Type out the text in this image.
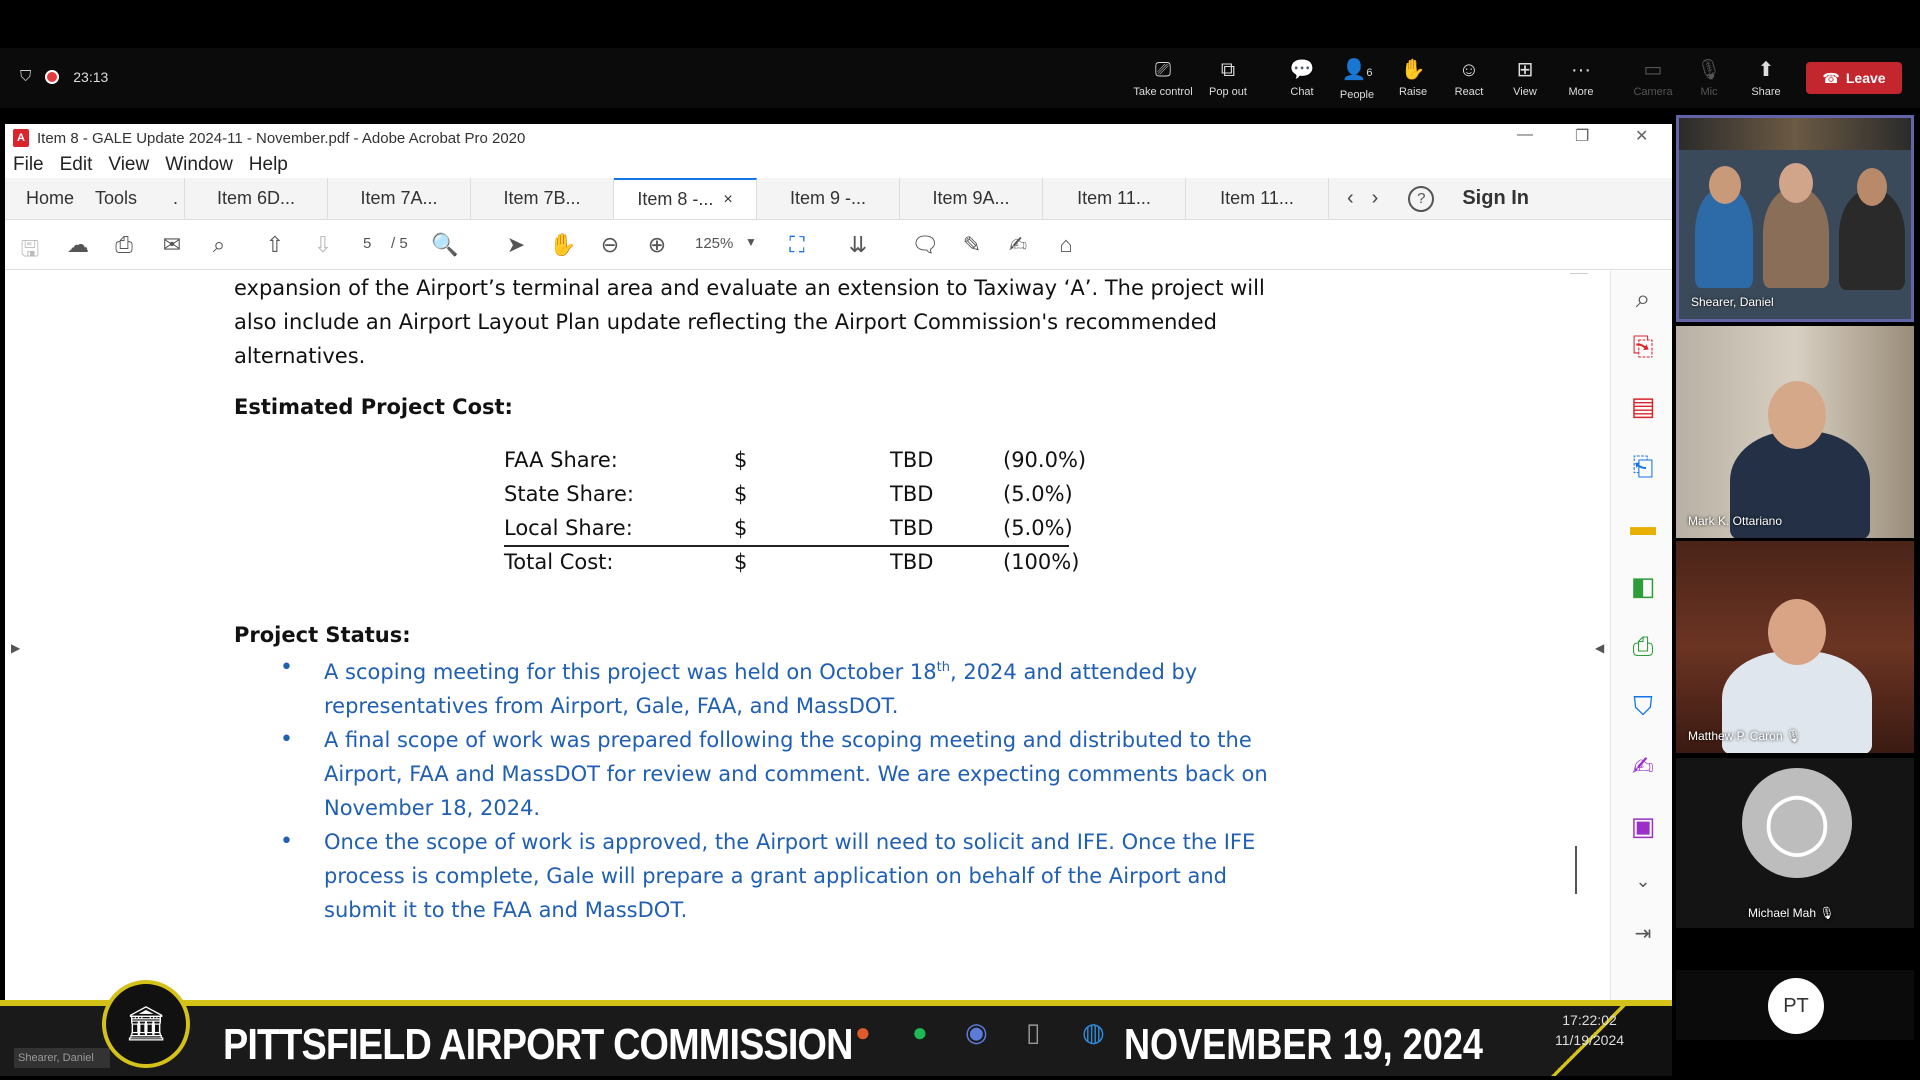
⛉	23:13	⎚
Take control
⧉
Pop out
💬
Chat
👤6
People
✋
Raise
☺
React
⊞
View
···
More
▭
Camera
🎙
Mic
⬆
Share
☎ Leave
A Item 8 - GALE Update 2024-11 - November.pdf - Adobe Acrobat Pro 2020	—	❐	✕
File Edit View Window Help
Home Tools . Item 6D...	Item 7A...	Item 7B...	Item 8 -... ×	Item 9 -...	Item 9A...	Item 11...	Item 11...	‹ ›	?	Sign In
🖫 ☁ ⎙ ✉	⌕	⇧ ⇩	5 / 5 🔍 ➤ ✋ ⊖ ⊕	125% ▼	⛶	⇊ 🗨 ✎ ✍	⌂
▶
expansion of the Airport’s terminal area and evaluate an extension to Taxiway ‘A’. The project will
also include an Airport Layout Plan update reflecting the Airport Commission's recommended
alternatives.
Estimated Project Cost:
FAA Share:	$	TBD	(90.0%)
State Share:	$	TBD	(5.0%)
Local Share:	$	TBD	(5.0%)
Total Cost:	$	TBD	(100%)
Project Status:
• A scoping meeting for this project was held on October 18th, 2024 and attended by
representatives from Airport, Gale, FAA, and MassDOT.
• A final scope of work was prepared following the scoping meeting and distributed to the
Airport, FAA and MassDOT for review and comment. We are expecting comments back on
November 18, 2024.
• Once the scope of work is approved, the Airport will need to solicit and IFE. Once the IFE
process is complete, Gale will prepare a grant application on behalf of the Airport and
submit it to the FAA and MassDOT.
◀
⌕
⎘
▤
⎗
▬
◧
⎙
⛉
✍
▣
⌄
⇥
Shearer, Daniel
Mark K. Ottariano
Matthew P. Caron 🎙
◯
Michael Mah 🎙
PT
Shearer, Daniel	PITTSFIELD AIRPORT COMMISSION	NOVEMBER 19, 2024
🏛	● ● ◉ ▯ ◍	17:22:02
11/19/2024
